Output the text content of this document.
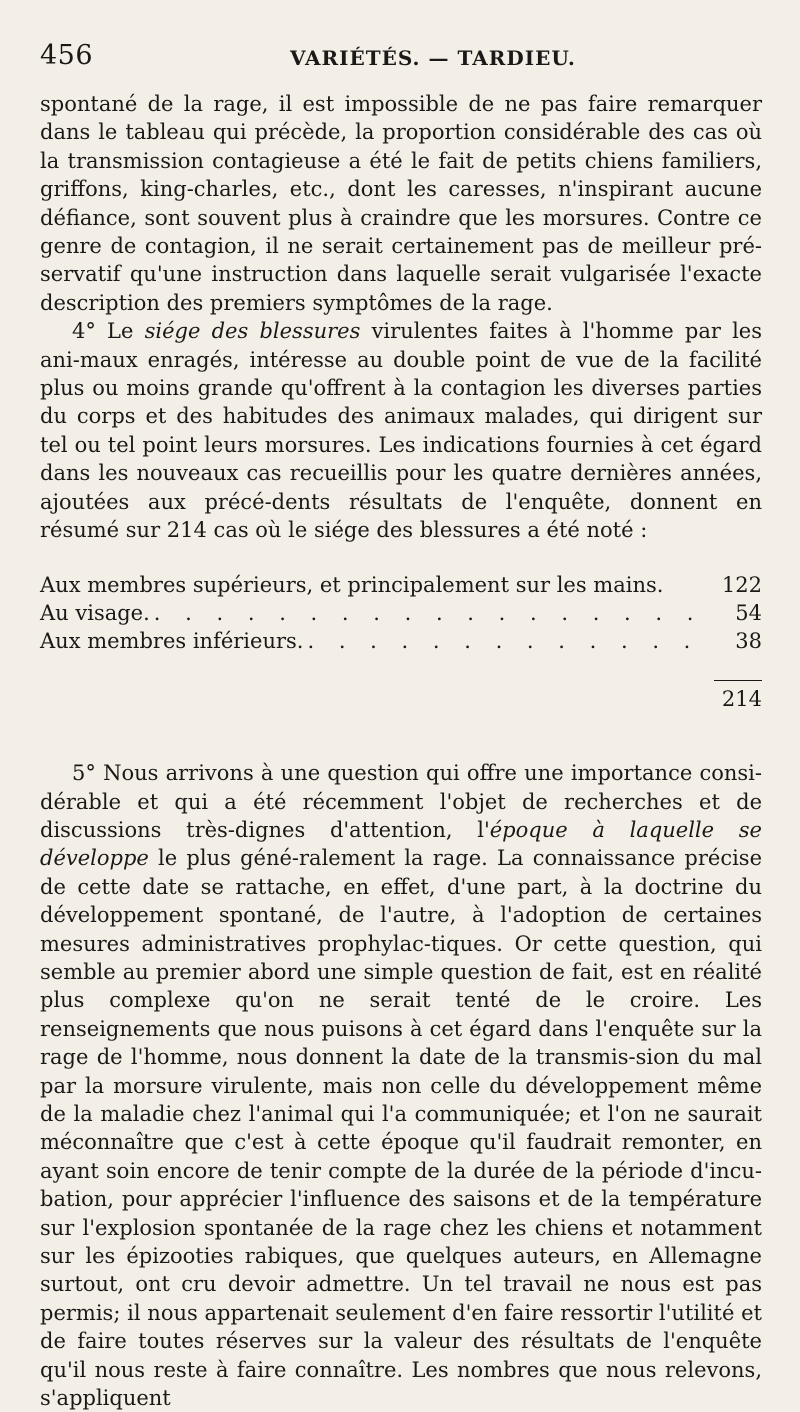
456	VARIÉTÉS. — TARDIEU.

spontané de la rage, il est impossible de ne pas faire remarquer dans le tableau qui précède, la proportion considérable des cas où la transmission contagieuse a été le fait de petits chiens familiers, griffons, king-charles, etc., dont les caresses, n'inspirant aucune défiance, sont souvent plus à craindre que les morsures. Contre ce genre de contagion, il ne serait certainement pas de meilleur pré-servatif qu'une instruction dans laquelle serait vulgarisée l'exacte description des premiers symptômes de la rage.

4° Le siége des blessures virulentes faites à l'homme par les ani-maux enragés, intéresse au double point de vue de la facilité plus ou moins grande qu'offrent à la contagion les diverses parties du corps et des habitudes des animaux malades, qui dirigent sur tel ou tel point leurs morsures. Les indications fournies à cet égard dans les nouveaux cas recueillis pour les quatre dernières années, ajoutées aux précé-dents résultats de l'enquête, donnent en résumé sur 214 cas où le siége des blessures a été noté :

Aux membres supérieurs, et principalement sur les mains.	122
Au visage. . . .	54
Aux membres inférieurs. . . .	38
214

5° Nous arrivons à une question qui offre une importance consi-dérable et qui a été récemment l'objet de recherches et de discussions très-dignes d'attention, l'époque à laquelle se développe le plus géné-ralement la rage. La connaissance précise de cette date se rattache, en effet, d'une part, à la doctrine du développement spontané, de l'autre, à l'adoption de certaines mesures administratives prophylac-tiques. Or cette question, qui semble au premier abord une simple question de fait, est en réalité plus complexe qu'on ne serait tenté de le croire. Les renseignements que nous puisons à cet égard dans l'enquête sur la rage de l'homme, nous donnent la date de la transmis-sion du mal par la morsure virulente, mais non celle du développement même de la maladie chez l'animal qui l'a communiquée; et l'on ne saurait méconnaître que c'est à cette époque qu'il faudrait remonter, en ayant soin encore de tenir compte de la durée de la période d'incu-bation, pour apprécier l'influence des saisons et de la température sur l'explosion spontanée de la rage chez les chiens et notamment sur les épizooties rabiques, que quelques auteurs, en Allemagne surtout, ont cru devoir admettre. Un tel travail ne nous est pas permis; il nous appartenait seulement d'en faire ressortir l'utilité et de faire toutes réserves sur la valeur des résultats de l'enquête qu'il nous reste à faire connaître. Les nombres que nous relevons, s'appliquent
